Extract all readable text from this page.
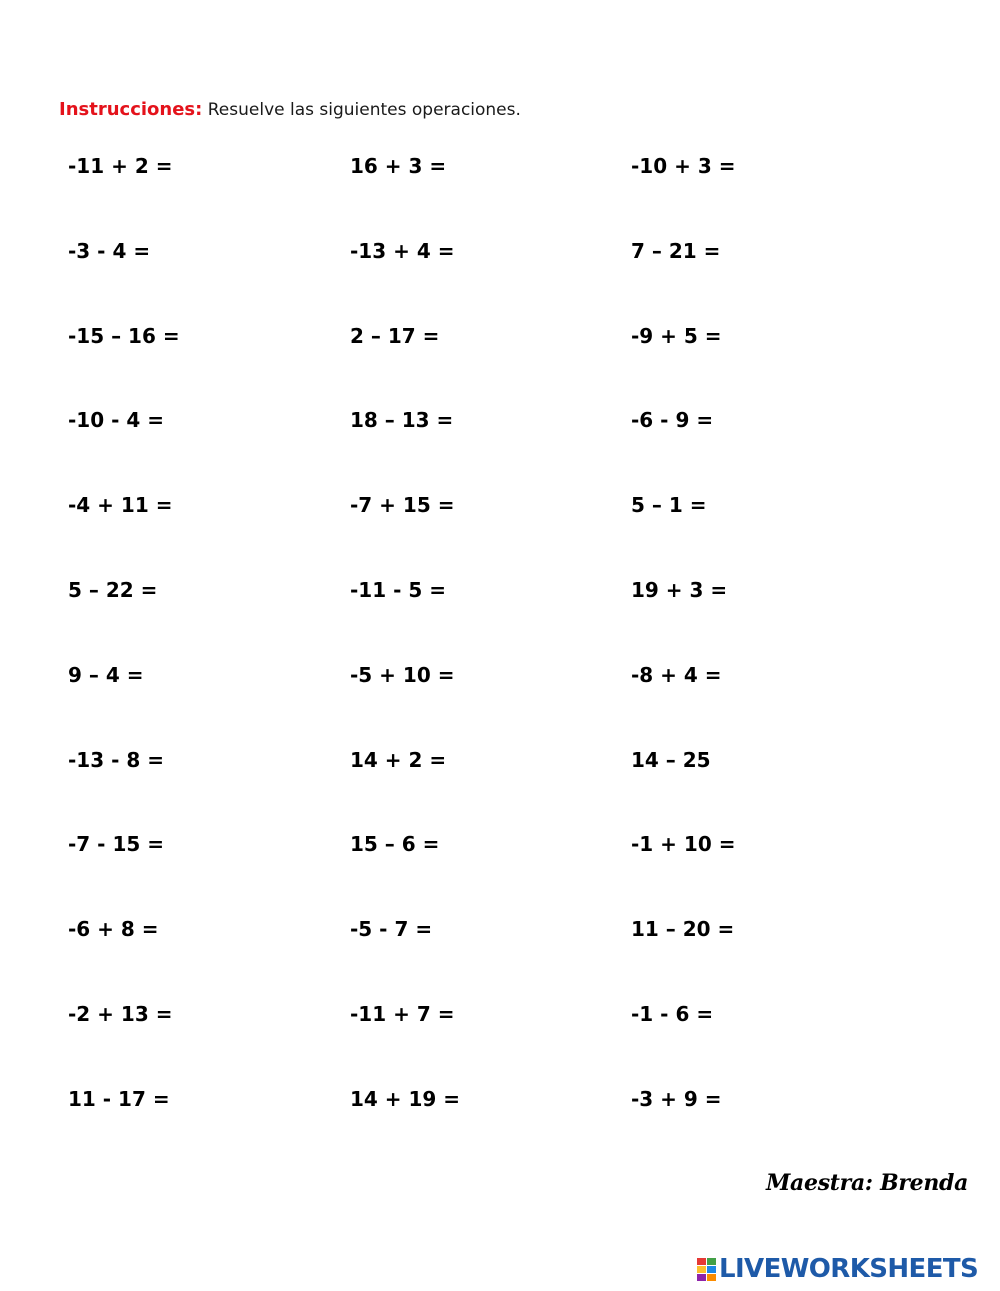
Instrucciones: Resuelve las siguientes operaciones.
-11 + 2 =	16 + 3 =	-10 + 3 =
-3 - 4 =	-13 + 4 =	7 – 21 =
-15 – 16 =	2 – 17 =	-9 + 5 =
-10 - 4 =	18 – 13 =	-6 - 9 =
-4 + 11 =	-7 + 15 =	5 – 1 =
5 – 22 =	-11 - 5 =	19 + 3 =
9 – 4 =	-5 + 10 =	-8 + 4 =
-13 - 8 =	14 + 2 =	14 – 25
-7 - 15 =	15 – 6 =	-1 + 10 =
-6 + 8 =	-5 - 7 =	11 – 20 =
-2 + 13 =	-11 + 7 =	-1 - 6 =
11 - 17 =	14 + 19 =	-3 + 9 =
Maestra: Brenda
LIVEWORKSHEETS
